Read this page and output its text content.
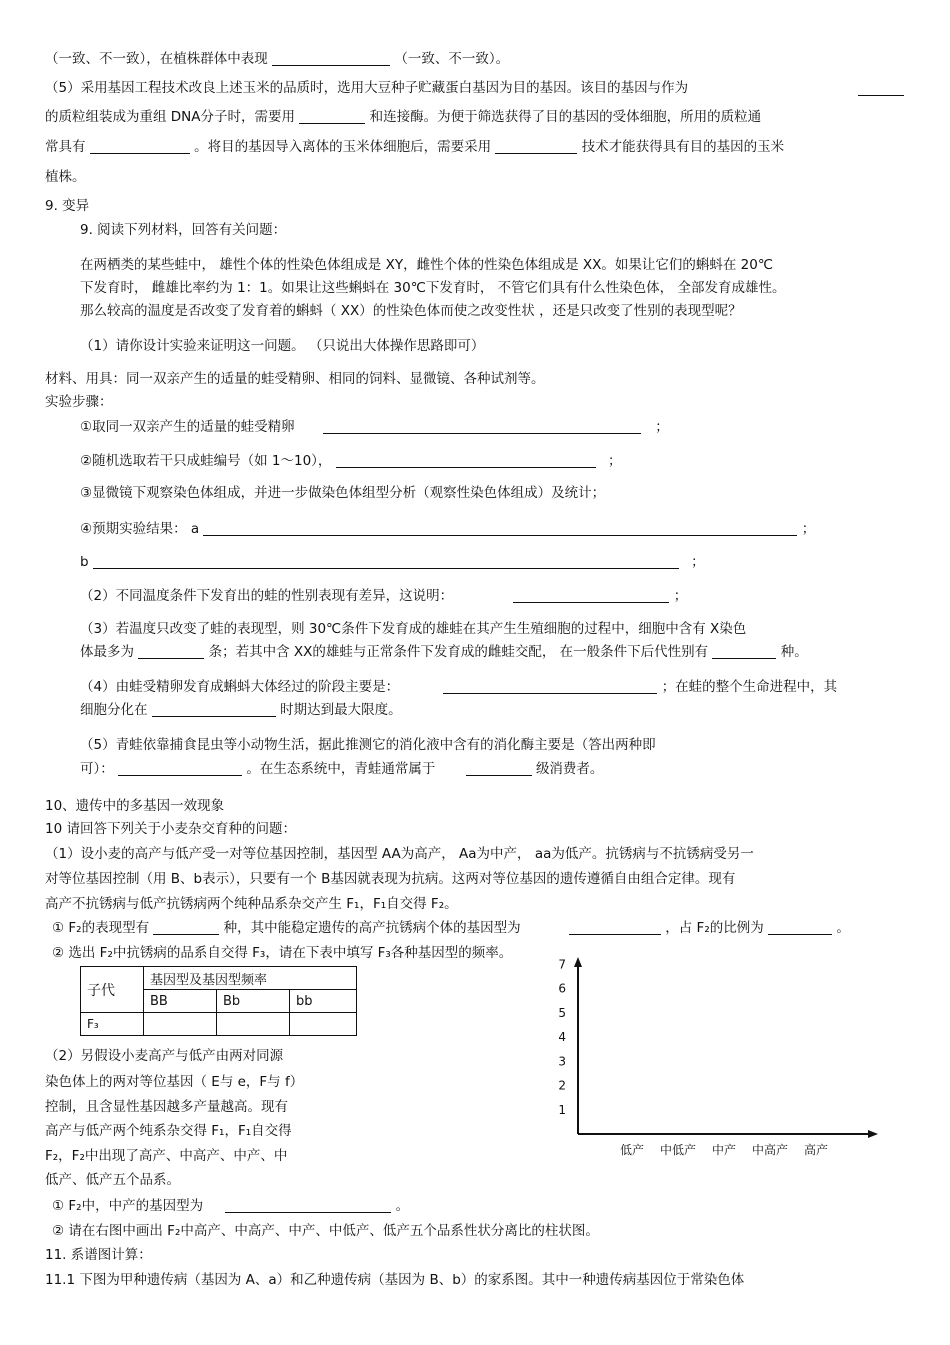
（一致、不一致），在植株群体中表现	（一致、不一致）。
（5）采用基因工程技术改良上述玉米的品质时，选用大豆种子贮藏蛋白基因为目的基因。该目的基因与作为
的质粒组装成为重组 DNA分子时，需要用	和连接酶。为便于筛选获得了目的基因的受体细胞，所用的质粒通
常具有	。将目的基因导入离体的玉米体细胞后，需要采用	技术才能获得具有目的基因的玉米
植株。
9. 变异
9. 阅读下列材料，回答有关问题：
在两栖类的某些蛙中， 雄性个体的性染色体组成是 XY，雌性个体的性染色体组成是 XX。如果让它们的蝌蚪在 20℃
下发育时， 雌雄比率约为 1：1。如果让这些蝌蚪在 30℃下发育时， 不管它们具有什么性染色体， 全部发育成雄性。
那么较高的温度是否改变了发育着的蝌蚪（ XX）的性染色体而使之改变性状 ，还是只改变了性别的表现型呢？
（1）请你设计实验来证明这一问题。 （只说出大体操作思路即可）
材料、用具：同一双亲产生的适量的蛙受精卵、相同的饲料、显微镜、各种试剂等。
实验步骤：
①取同一双亲产生的适量的蛙受精卵	；
②随机选取若干只成蛙编号（如 1～10），	；
③显微镜下观察染色体组成，并进一步做染色体组型分析（观察性染色体组成）及统计；
④预期实验结果： a	；
b	；
（2）不同温度条件下发育出的蛙的性别表现有差异，这说明：	；
（3）若温度只改变了蛙的表现型，则 30℃条件下发育成的雄蛙在其产生生殖细胞的过程中，细胞中含有 X染色
体最多为	条；若其中含 XX的雄蛙与正常条件下发育成的雌蛙交配， 在一般条件下后代性别有	种。
（4）由蛙受精卵发育成蝌蚪大体经过的阶段主要是：	；在蛙的整个生命进程中，其
细胞分化在	时期达到最大限度。
（5）青蛙依靠捕食昆虫等小动物生活，据此推测它的消化液中含有的消化酶主要是（答出两种即
可）：	。在生态系统中，青蛙通常属于	级消费者。
10、遗传中的多基因一效现象
10 请回答下列关于小麦杂交育种的问题：
（1）设小麦的高产与低产受一对等位基因控制，基因型 AA为高产， Aa为中产， aa为低产。抗锈病与不抗锈病受另一
对等位基因控制（用 B、b表示），只要有一个 B基因就表现为抗病。这两对等位基因的遗传遵循自由组合定律。现有
高产不抗锈病与低产抗锈病两个纯种品系杂交产生 F₁，F₁自交得 F₂。
① F₂的表现型有	种，其中能稳定遗传的高产抗锈病个体的基因型为	，占 F₂的比例为	。
② 选出 F₂中抗锈病的品系自交得 F₃，请在下表中填写 F₃各种基因型的频率。
子代	基因型及基因型频率		
	BB	Bb	bb
F₃			
（2）另假设小麦高产与低产由两对同源
染色体上的两对等位基因（ E与 e，F与 f）
控制，且含显性基因越多产量越高。现有
高产与低产两个纯系杂交得 F₁，F₁自交得
F₂，F₂中出现了高产、中高产、中产、中
低产、低产五个品系。
① F₂中，中产的基因型为	。
② 请在右图中画出 F₂中高产、中高产、中产、中低产、低产五个品系性状分离比的柱状图。
11. 系谱图计算：
11.1 下图为甲种遗传病（基因为 A、a）和乙种遗传病（基因为 B、b）的家系图。其中一种遗传病基因位于常染色体
1
2
3
4
5
6
7
低产 中低产 中产 中高产 高产
